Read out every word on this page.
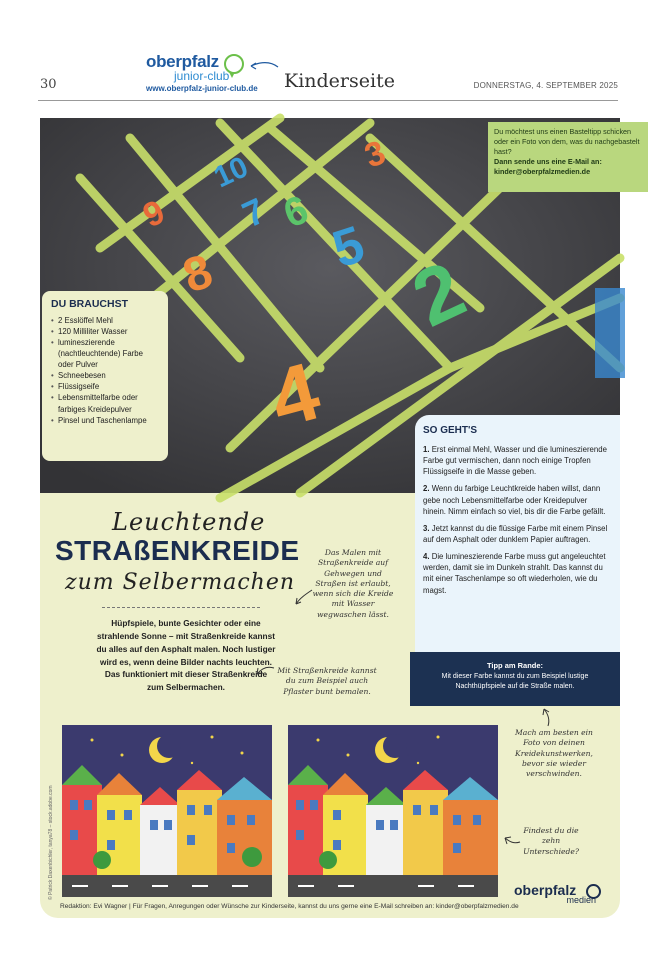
30
oberpfalz
junior-club
www.oberpfalz-junior-club.de	Kinderseite	DONNERSTAG, 4. SEPTEMBER 2025
8
9
10
7 6
5
3
2
4
DU BRAUCHST
• 2 Esslöffel Mehl
• 120 Milliliter Wasser
• lumineszierende (nachtleuchtende) Farbe oder Pulver
• Schneebesen
• Flüssigseife
• Lebensmittelfarbe oder farbiges Kreidepulver
• Pinsel und Taschenlampe
Du möchtest uns einen Basteltipp schicken oder ein Foto von dem, was du nachgebastelt hast?
Dann sende uns eine E-Mail an: kinder@oberpfalzmedien.de
SO GEHT'S
1. Erst einmal Mehl, Wasser und die lumineszierende Farbe gut vermischen, dann noch einige Tropfen Flüssigseife in die Masse geben.
2. Wenn du farbige Leuchtkreide haben willst, dann gebe noch Lebensmittelfarbe oder Kreidepulver hinein. Nimm einfach so viel, bis dir die Farbe gefällt.
3. Jetzt kannst du die flüssige Farbe mit einem Pinsel auf dem Asphalt oder dunklem Papier auftragen.
4. Die lumineszierende Farbe muss gut angeleuchtet werden, damit sie im Dunkeln strahlt. Das kannst du mit einer Taschenlampe so oft wiederholen, wie du magst.
Tipp am Rande:
Mit dieser Farbe kannst du zum Beispiel lustige Nachthüpfspiele auf die Straße malen.
Leuchtende
STRAßENKREIDE
zum Selbermachen
Hüpfspiele, bunte Gesichter oder eine strahlende Sonne – mit Straßenkreide kannst du alles auf den Asphalt malen. Noch lustiger wird es, wenn deine Bilder nachts leuchten. Das funktioniert mit dieser Straßenkreide zum Selbermachen.
Das Malen mit Straßenkreide auf Gehwegen und Straßen ist erlaubt, wenn sich die Kreide mit Wasser wegwaschen lässt.
Mit Straßenkreide kannst du zum Beispiel auch Pflaster bunt bemalen.
Mach am besten ein Foto von deinen Kreidekunstwerken, bevor sie wieder verschwinden.
Findest du die zehn Unterschiede?
Redaktion: Evi Wagner | Für Fragen, Anregungen oder Wünsche zur Kinderseite, kannst du uns gerne eine E-Mail schreiben an: kinder@oberpfalzmedien.de
oberpfalz
medien
© Patrick Daxenbichler, tanya78 – stock.adobe.com
